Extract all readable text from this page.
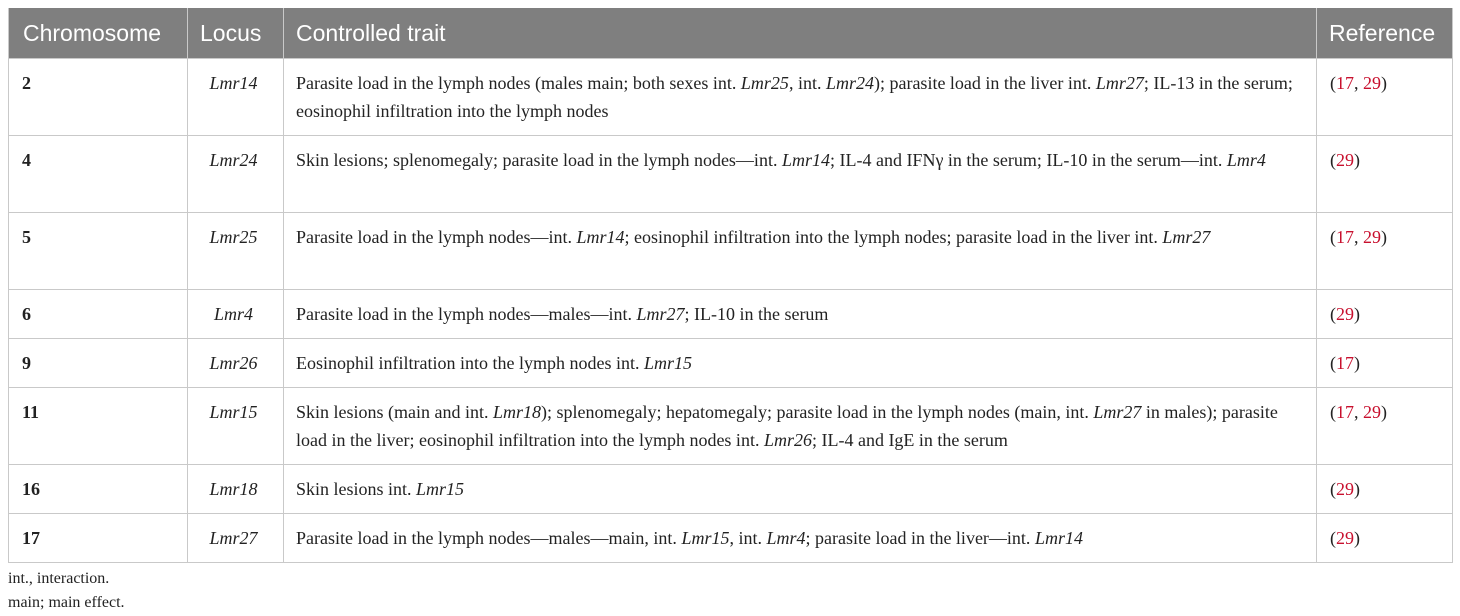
Chromosome	Locus	Controlled trait	Reference
2	Lmr14	Parasite load in the lymph nodes (males main; both sexes int. Lmr25, int. Lmr24); parasite load in the liver int. Lmr27; IL-13 in the serum; eosinophil infiltration into the lymph nodes	(17, 29)
4	Lmr24	Skin lesions; splenomegaly; parasite load in the lymph nodes—int. Lmr14; IL-4 and IFNγ in the serum; IL-10 in the serum—int. Lmr4	(29)
5	Lmr25	Parasite load in the lymph nodes—int. Lmr14; eosinophil infiltration into the lymph nodes; parasite load in the liver int. Lmr27	(17, 29)
6	Lmr4	Parasite load in the lymph nodes—males—int. Lmr27; IL-10 in the serum	(29)
9	Lmr26	Eosinophil infiltration into the lymph nodes int. Lmr15	(17)
11	Lmr15	Skin lesions (main and int. Lmr18); splenomegaly; hepatomegaly; parasite load in the lymph nodes (main, int. Lmr27 in males); parasite load in the liver; eosinophil infiltration into the lymph nodes int. Lmr26; IL-4 and IgE in the serum	(17, 29)
16	Lmr18	Skin lesions int. Lmr15	(29)
17	Lmr27	Parasite load in the lymph nodes—males—main, int. Lmr15, int. Lmr4; parasite load in the liver—int. Lmr14	(29)
int., interaction.
main; main effect.
